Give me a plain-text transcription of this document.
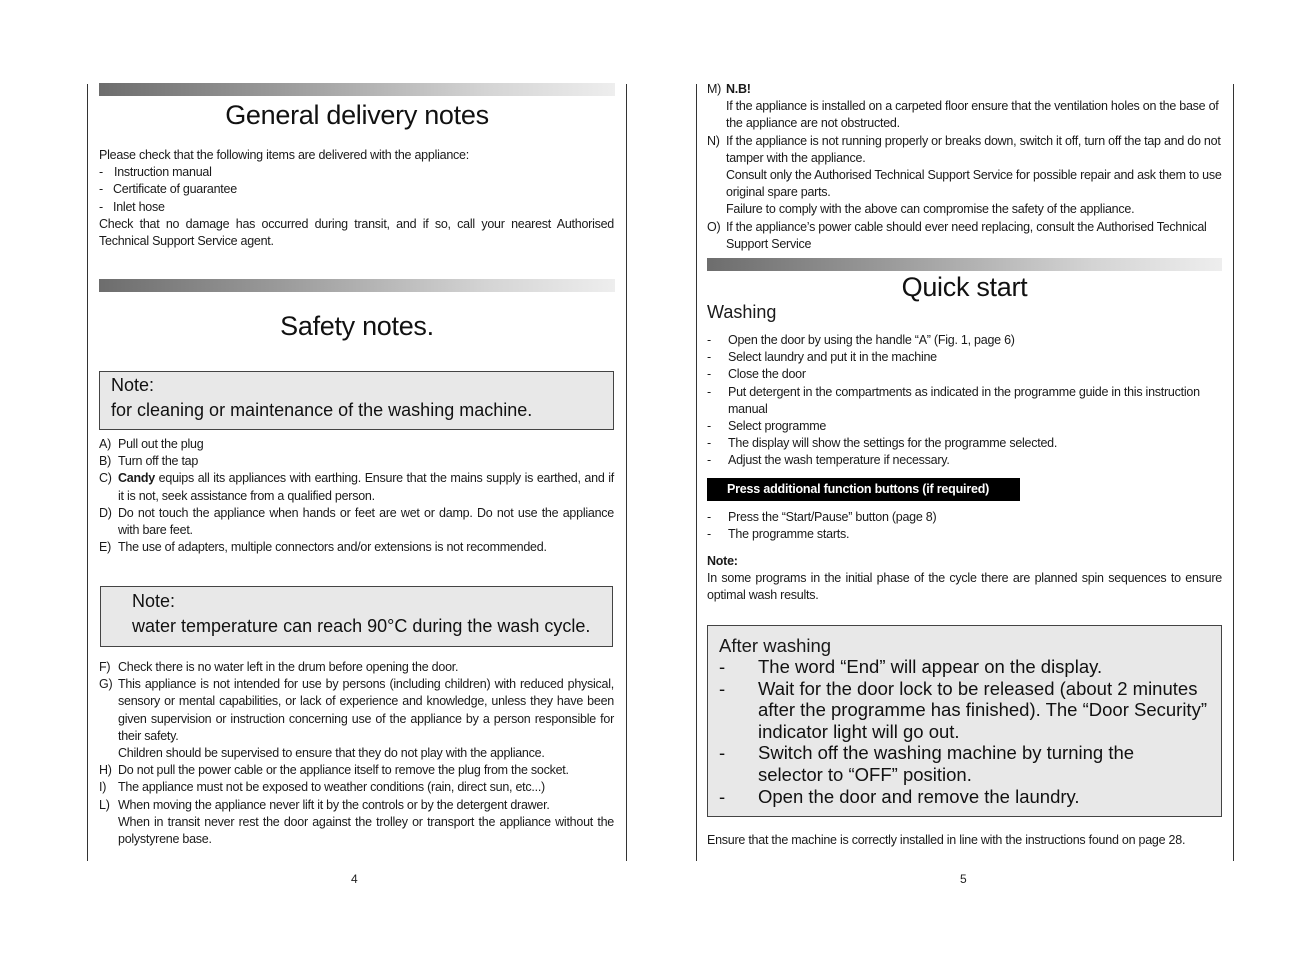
General delivery notes
Please check that the following items are delivered with the appliance:
- Instruction manual
- Certificate of guarantee
- Inlet hose
Check that no damage has occurred during transit, and if so, call your nearest Authorised Technical Support Service agent.
Safety notes.
Note:
for cleaning or maintenance of the washing machine.
A) Pull out the plug
B) Turn off the tap
C) Candy equips all its appliances with earthing. Ensure that the mains supply is earthed, and if it is not, seek assistance from a qualified person.
D) Do not touch the appliance when hands or feet are wet or damp. Do not use the appliance with bare feet.
E) The use of adapters, multiple connectors and/or extensions is not recommended.
Note:
water temperature can reach 90°C during the wash cycle.
F) Check there is no water left in the drum before opening the door.
G) This appliance is not intended for use by persons (including children) with reduced physical, sensory or mental capabilities, or lack of experience and knowledge, unless they have been given supervision or instruction concerning use of the appliance by a person responsible for their safety.
Children should be supervised to ensure that they do not play with the appliance.
H) Do not pull the power cable or the appliance itself to remove the plug from the socket.
I) The appliance must not be exposed to weather conditions (rain, direct sun, etc...)
L) When moving the appliance never lift it by the controls or by the detergent drawer.
When in transit never rest the door against the trolley or transport the appliance without the polystyrene base.
4
M) N.B!
If the appliance is installed on a carpeted floor ensure that the ventilation holes on the base of the appliance are not obstructed.
N) If the appliance is not running properly or breaks down, switch it off, turn off the tap and do not tamper with the appliance.
Consult only the Authorised Technical Support Service for possible repair and ask them to use original spare parts.
Failure to comply with the above can compromise the safety of the appliance.
O) If the appliance’s power cable should ever need replacing, consult the Authorised Technical Support Service
Quick start
Washing
- Open the door by using the handle “A” (Fig. 1, page 6)
- Select laundry and put it in the machine
- Close the door
- Put detergent in the compartments as indicated in the programme guide in this instruction manual
- Select programme
- The display will show the settings for the programme selected.
- Adjust the wash temperature if necessary.
Press additional function buttons (if required)
- Press the “Start/Pause” button (page 8)
- The programme starts.
Note:
In some programs in the initial phase of the cycle there are planned spin sequences to ensure optimal wash results.
After washing
- The word “End” will appear on the display.
- Wait for the door lock to be released (about 2 minutes after the programme has finished). The “Door Security” indicator light will go out.
- Switch off the washing machine by turning the selector to “OFF” position.
- Open the door and remove the laundry.
Ensure that the machine is correctly installed in line with the instructions found on page 28.
5
